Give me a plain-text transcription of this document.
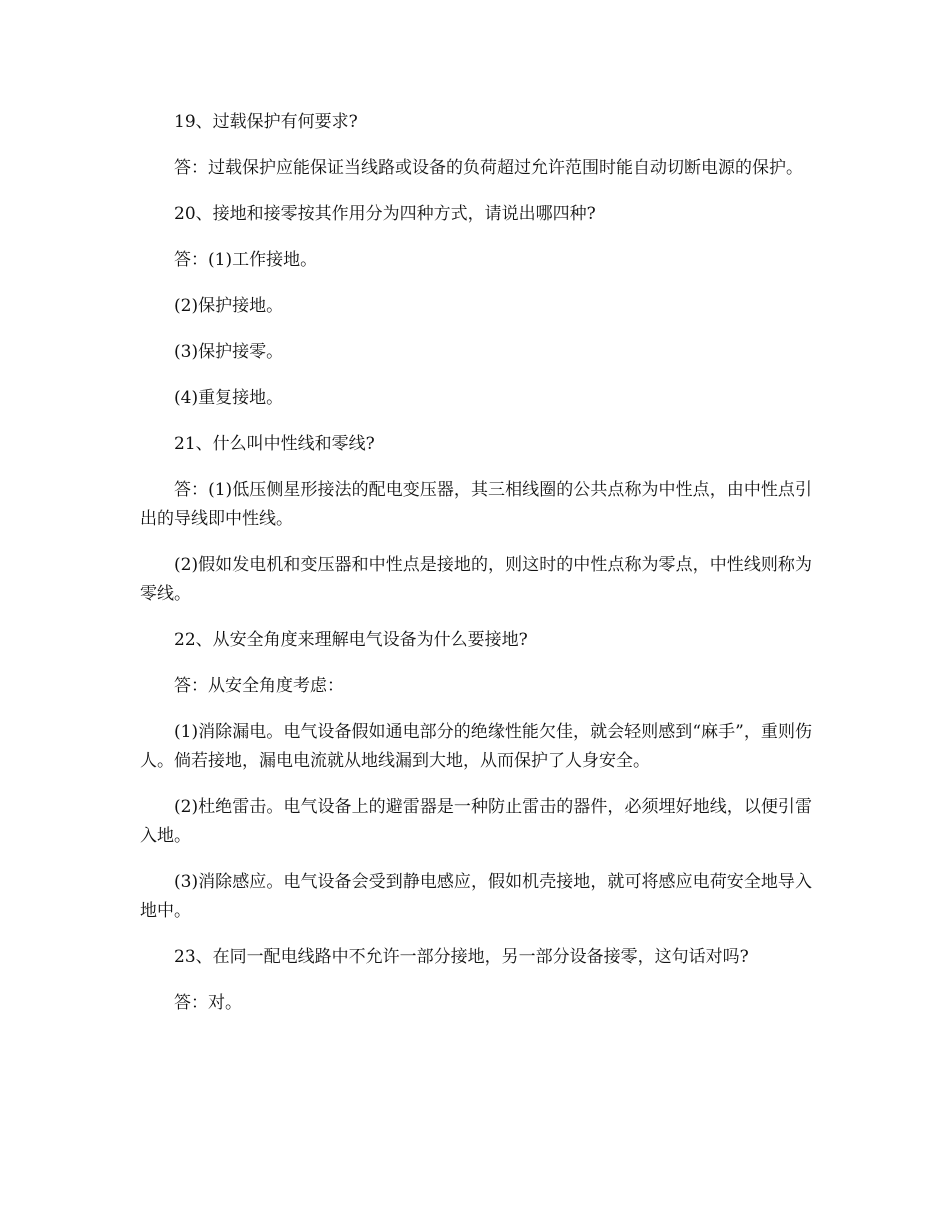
19、过载保护有何要求?

答：过载保护应能保证当线路或设备的负荷超过允许范围时能自动切断电源的保护。

20、接地和接零按其作用分为四种方式，请说出哪四种?

答：(1)工作接地。

(2)保护接地。

(3)保护接零。

(4)重复接地。

21、什么叫中性线和零线?

答：(1)低压侧星形接法的配电变压器，其三相线圈的公共点称为中性点，由中性点引出的导线即中性线。

(2)假如发电机和变压器和中性点是接地的，则这时的中性点称为零点，中性线则称为零线。

22、从安全角度来理解电气设备为什么要接地?

答：从安全角度考虑：

(1)消除漏电。电气设备假如通电部分的绝缘性能欠佳，就会轻则感到“麻手”，重则伤人。倘若接地，漏电电流就从地线漏到大地，从而保护了人身安全。

(2)杜绝雷击。电气设备上的避雷器是一种防止雷击的器件，必须埋好地线，以便引雷入地。

(3)消除感应。电气设备会受到静电感应，假如机壳接地，就可将感应电荷安全地导入地中。

23、在同一配电线路中不允许一部分接地，另一部分设备接零，这句话对吗?

答：对。
